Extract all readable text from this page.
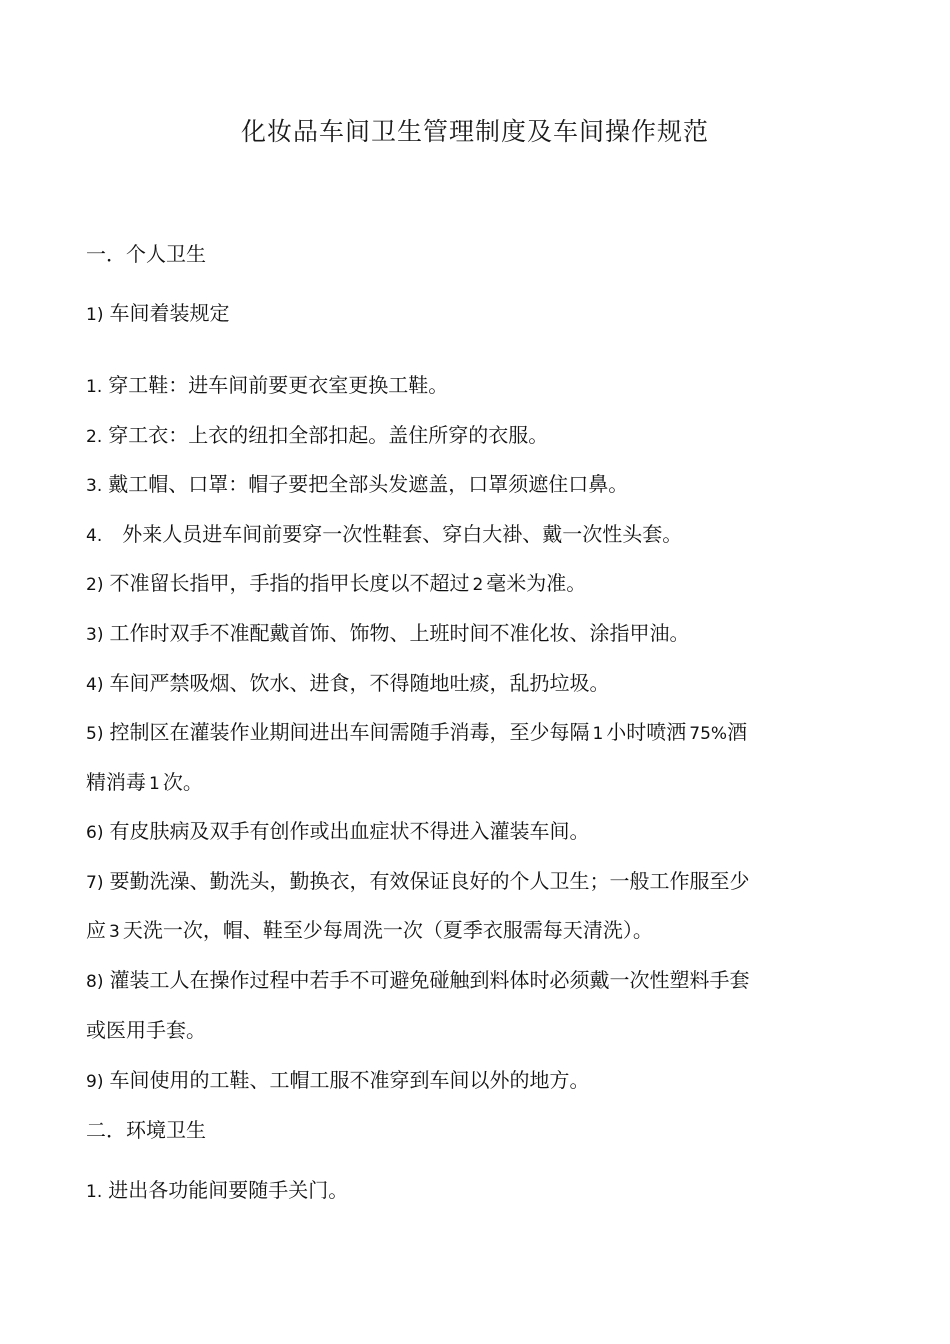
化妆品车间卫生管理制度及车间操作规范
一．个人卫生
1) 车间着装规定
1. 穿工鞋：进车间前要更衣室更换工鞋。
2. 穿工衣：上衣的纽扣全部扣起。盖住所穿的衣服。
3. 戴工帽、口罩：帽子要把全部头发遮盖，口罩须遮住口鼻。
4. 外来人员进车间前要穿一次性鞋套、穿白大褂、戴一次性头套。
2) 不准留长指甲，手指的指甲长度以不超过 2 毫米为准。
3) 工作时双手不准配戴首饰、饰物、上班时间不准化妆、涂指甲油。
4) 车间严禁吸烟、饮水、进食，不得随地吐痰，乱扔垃圾。
5) 控制区在灌装作业期间进出车间需随手消毒，至少每隔 1 小时喷洒 75%酒
精消毒 1 次。
6) 有皮肤病及双手有创作或出血症状不得进入灌装车间。
7) 要勤洗澡、勤洗头，勤换衣，有效保证良好的个人卫生；一般工作服至少
应 3 天洗一次，帽、鞋至少每周洗一次（夏季衣服需每天清洗）。
8) 灌装工人在操作过程中若手不可避免碰触到料体时必须戴一次性塑料手套
或医用手套。
9) 车间使用的工鞋、工帽工服不准穿到车间以外的地方。
二．环境卫生
1. 进出各功能间要随手关门。
